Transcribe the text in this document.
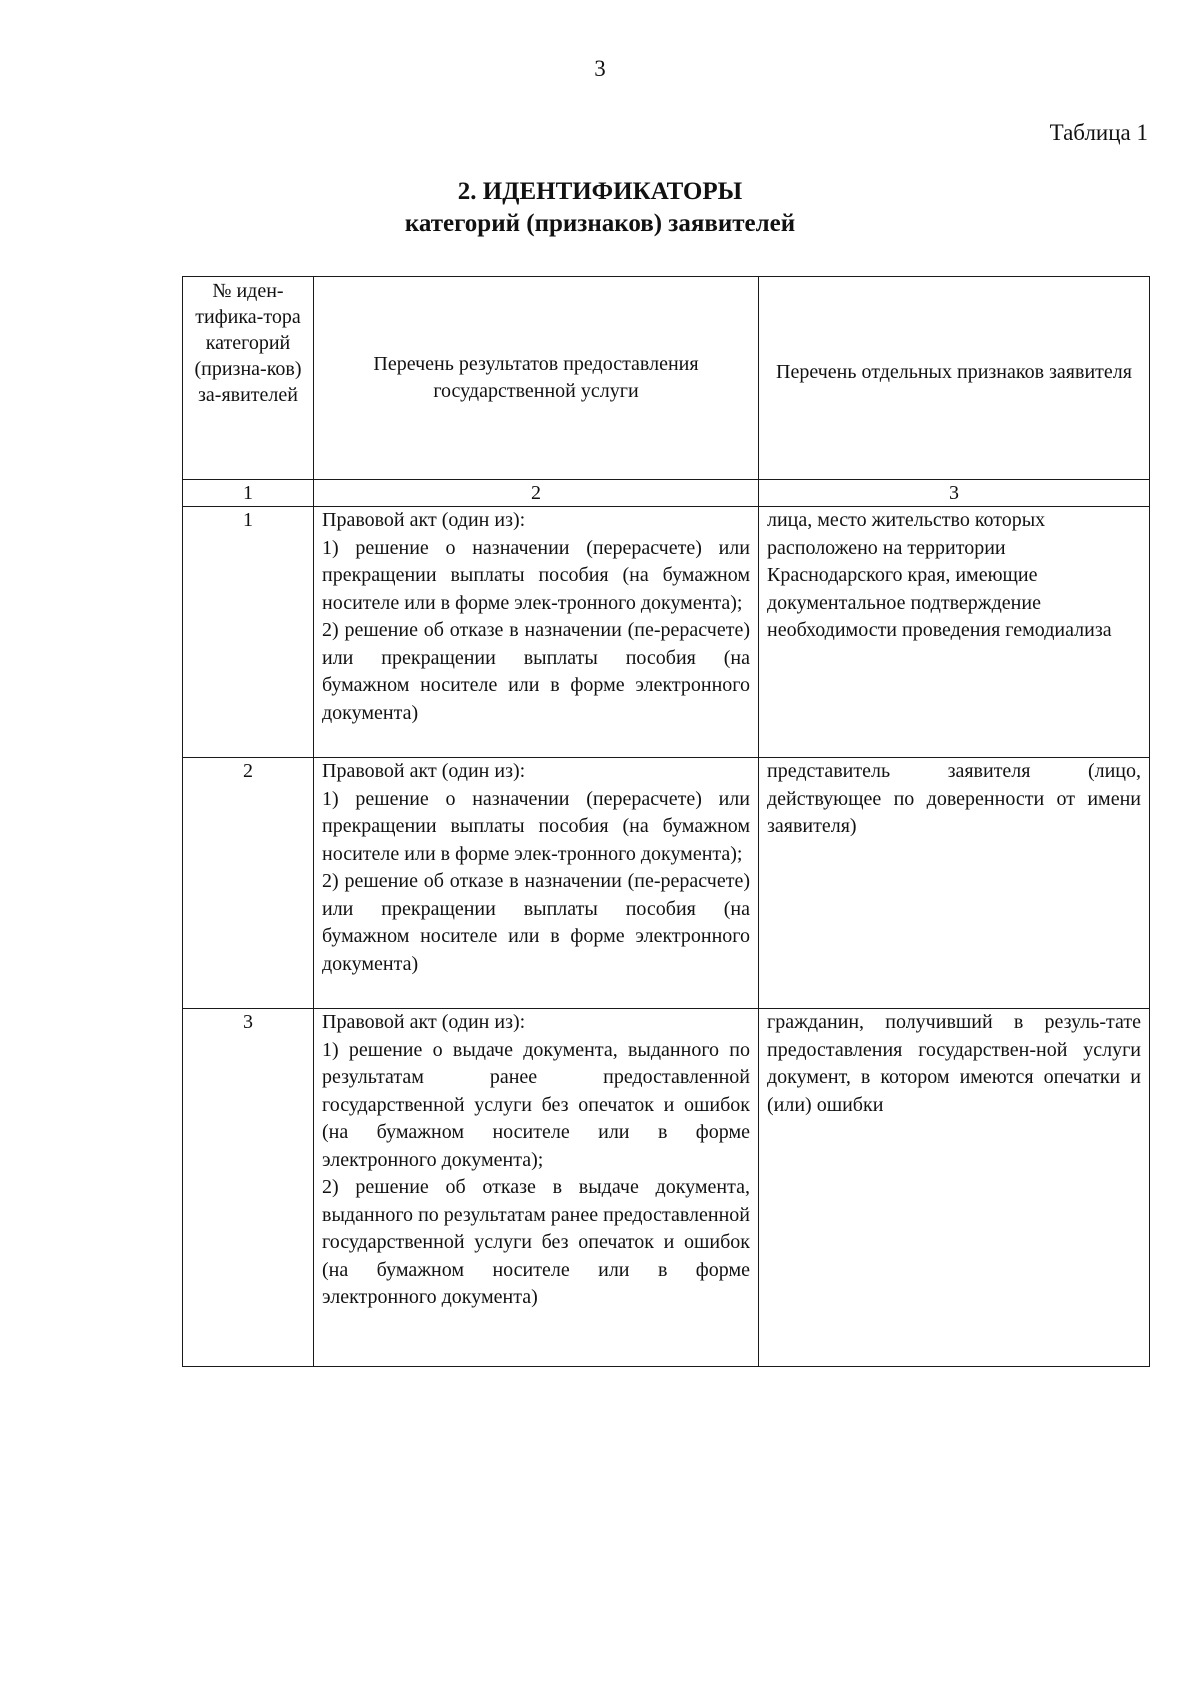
3
Таблица 1
2. ИДЕНТИФИКАТОРЫ
категорий (признаков) заявителей
№ иден-тифика-тора категорий (призна-ков) за-явителей	Перечень результатов предоставления государственной услуги	Перечень отдельных признаков заявителя
1	2	3
1	Правовой акт (один из):
1) решение о назначении (перерасчете) или прекращении выплаты пособия (на бумажном носителе или в форме элек-тронного документа);
2) решение об отказе в назначении (пе-рерасчете) или прекращении выплаты пособия (на бумажном носителе или в форме электронного документа)	лица, место жительство которых расположено на территории Краснодарского края, имеющие документальное подтверждение необходимости проведения гемодиализа
2	Правовой акт (один из):
1) решение о назначении (перерасчете) или прекращении выплаты пособия (на бумажном носителе или в форме элек-тронного документа);
2) решение об отказе в назначении (пе-рерасчете) или прекращении выплаты пособия (на бумажном носителе или в форме электронного документа)	представитель заявителя (лицо, действующее по доверенности от имени заявителя)
3	Правовой акт (один из):
1) решение о выдаче документа, выданного по результатам ранее предоставленной государственной услуги без опечаток и ошибок (на бумажном носителе или в форме электронного документа);
2) решение об отказе в выдаче документа, выданного по результатам ранее предоставленной государственной услуги без опечаток и ошибок (на бумажном носителе или в форме электронного документа)	гражданин, получивший в резуль-тате предоставления государствен-ной услуги документ, в котором имеются опечатки и (или) ошибки
